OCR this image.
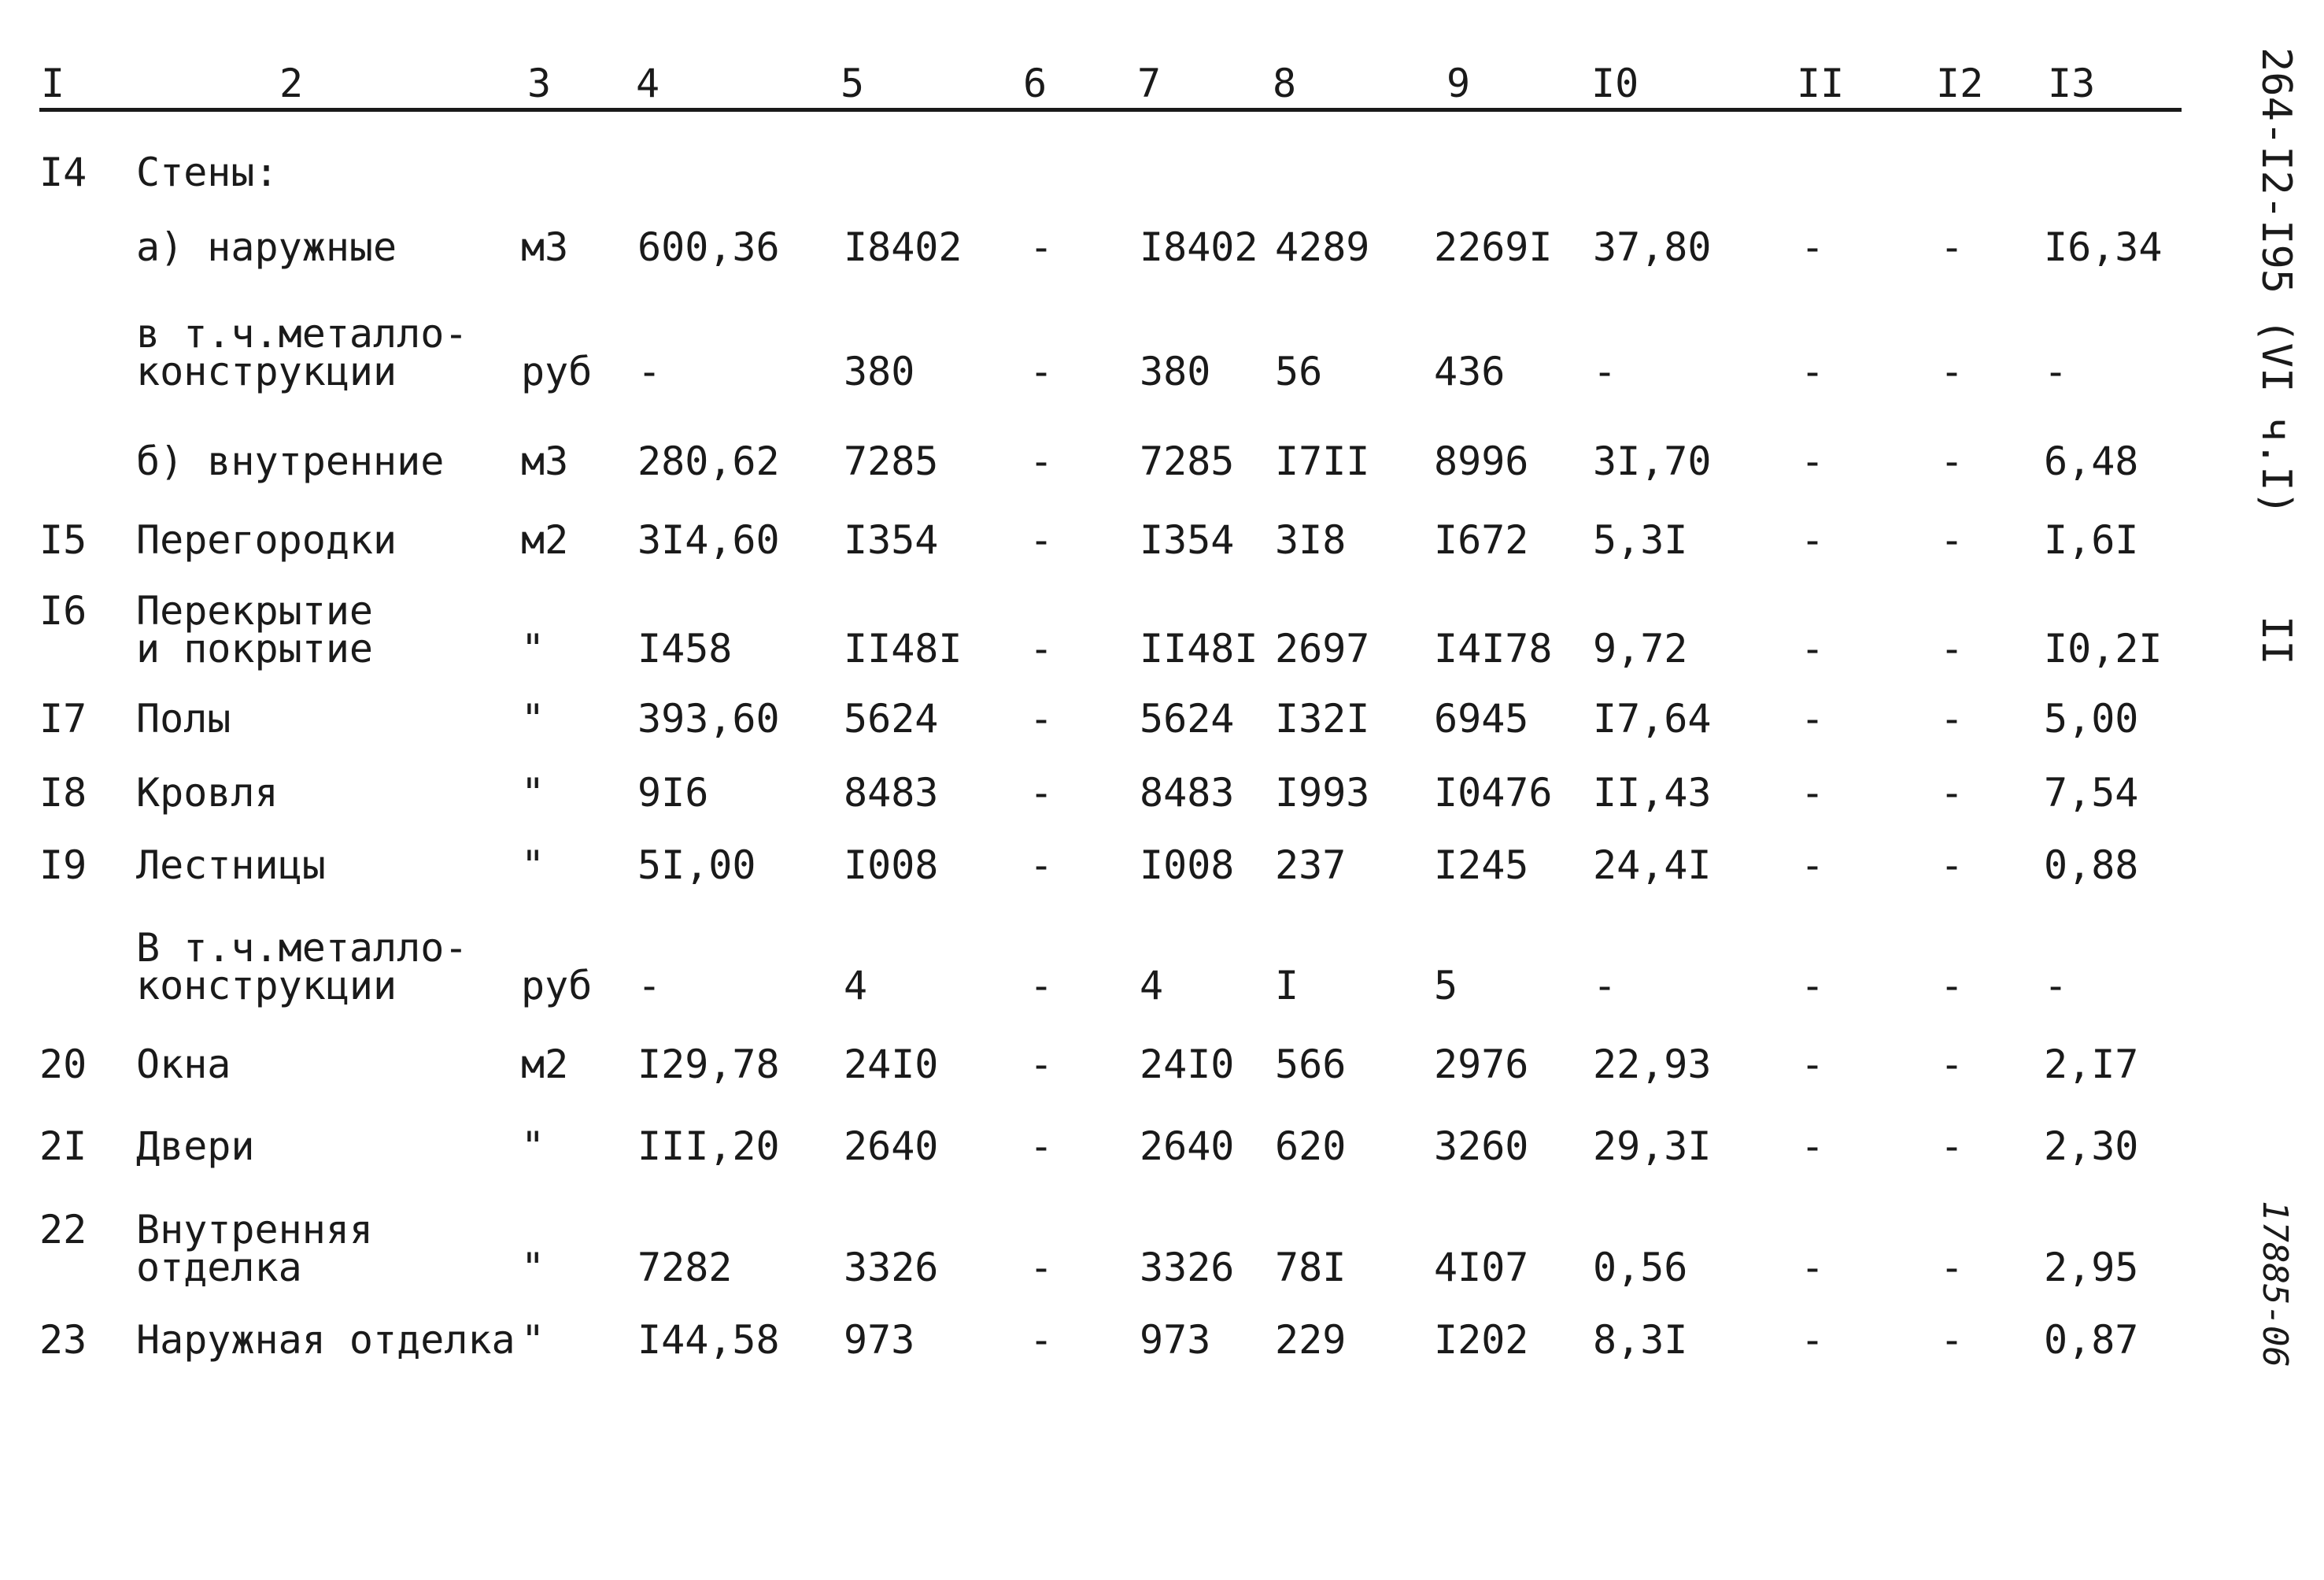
I	2	3 4	5	6 7	8	9	I0	II I2 I3
I4 Стены:
а) наружные	м3 600,36 I8402 - I8402 4289 2269I 37,80 -	- I6,34
в т.ч.металло-
конструкции	руб -	380	- 380 56	436 -	-	- -
б) внутренние м3 280,62 7285 - 7285 I7II 8996 3I,70 -	- 6,48
I5 Перегородки	м2 3I4,60 I354 - I354 3I8 I672 5,3I	-	- I,6I
I6 Перекрытие
и покрытие	" I458	II48I - II48I 2697 I4I78 9,72	-	- I0,2I
I7 Полы	" 393,60 5624 - 5624 I32I 6945 I7,64 -	- 5,00
I8 Кровля	" 9I6	8483 - 8483 I993 I0476 II,43 -	- 7,54
I9 Лестницы	" 5I,00 I008 - I008 237 I245 24,4I -	- 0,88
В т.ч.металло-
конструкции	руб -	4	- 4	I	5	-	-	- -
20 Окна	м2 I29,78 24I0 - 24I0 566 2976 22,93 -	- 2,I7
2I Двери	" III,20 2640 - 2640 620 3260 29,3I -	- 2,30
22 Внутренняя
отделка	" 7282	3326 - 3326 78I 4I07 0,56	-	- 2,95
23 Наружная отделка " I44,58 973	- 973 229 I202 8,3I	-	- 0,87
264-I2-I95 (VI ч.I)
II
17885-06
